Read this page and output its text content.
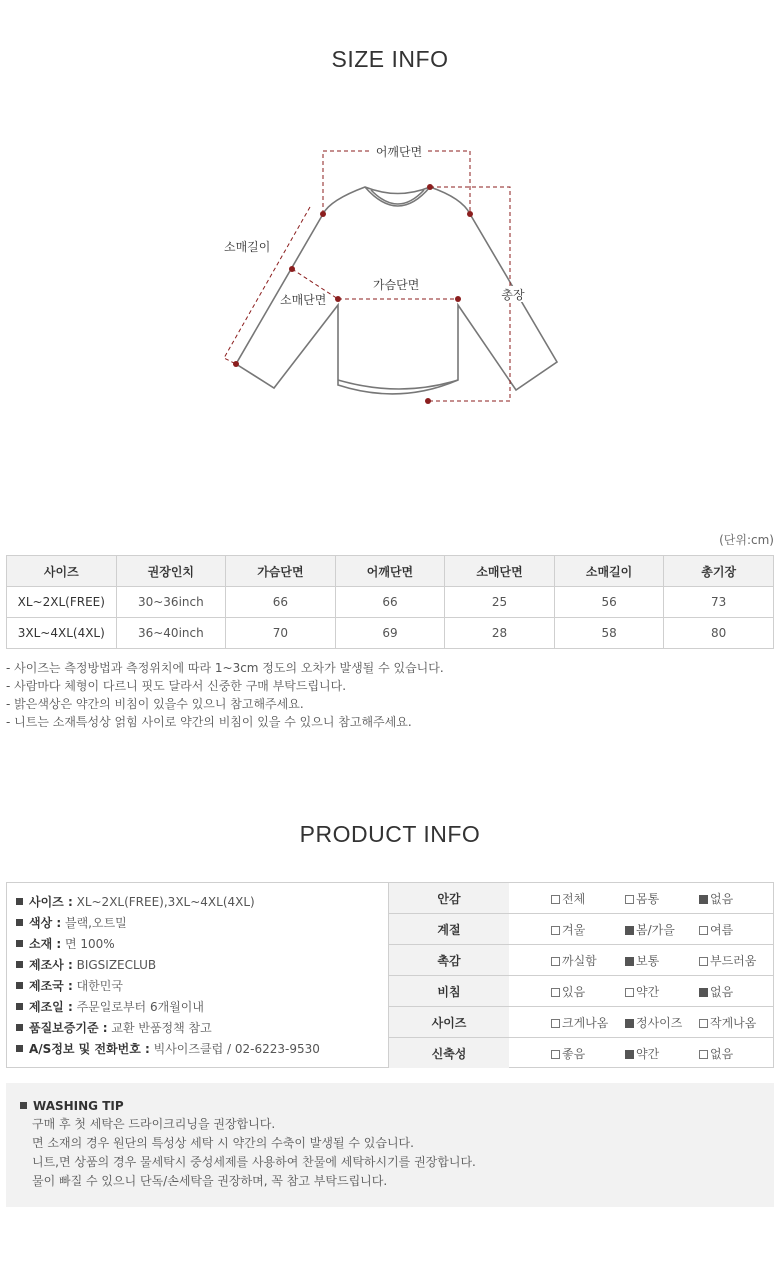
SIZE INFO
어깨단면
소매길이
가슴단면
소매단면	총장
(단위:cm)
사이즈	권장인치	가슴단면	어깨단면	소매단면	소매길이	총기장
XL~2XL(FREE)	30~36inch	66	66	25	56	73
3XL~4XL(4XL)	36~40inch	70	69	28	58	80
- 사이즈는 측정방법과 측정위치에 따라 1~3cm 정도의 오차가 발생될 수 있습니다.
- 사람마다 체형이 다르니 핏도 달라서 신중한 구매 부탁드립니다.
- 밝은색상은 약간의 비침이 있을수 있으니 참고해주세요.
- 니트는 소재특성상 얽힘 사이로 약간의 비침이 있을 수 있으니 참고해주세요.
PRODUCT INFO
사이즈 : XL~2XL(FREE),3XL~4XL(4XL)
색상 : 블랙,오트밀
소재 : 면 100%
제조사 : BIGSIZECLUB
제조국 : 대한민국
제조일 : 주문일로부터 6개월이내
품질보증기준 : 교환 반품정책 참고
A/S정보 및 전화번호 : 빅사이즈클럽 / 02-6223-9530
안감	전체	몸통	없음
계절	겨울	봄/가을	여름
촉감	까실함	보통	부드러움
비침	있음	약간	없음
사이즈	크게나옴	정사이즈	작게나옴
신축성	좋음	약간	없음
WASHING TIP
구매 후 첫 세탁은 드라이크리닝을 권장합니다.
면 소재의 경우 원단의 특성상 세탁 시 약간의 수축이 발생될 수 있습니다.
니트,면 상품의 경우 물세탁시 중성세제를 사용하여 찬물에 세탁하시기를 권장합니다.
물이 빠질 수 있으니 단독/손세탁을 권장하며, 꼭 참고 부탁드립니다.
